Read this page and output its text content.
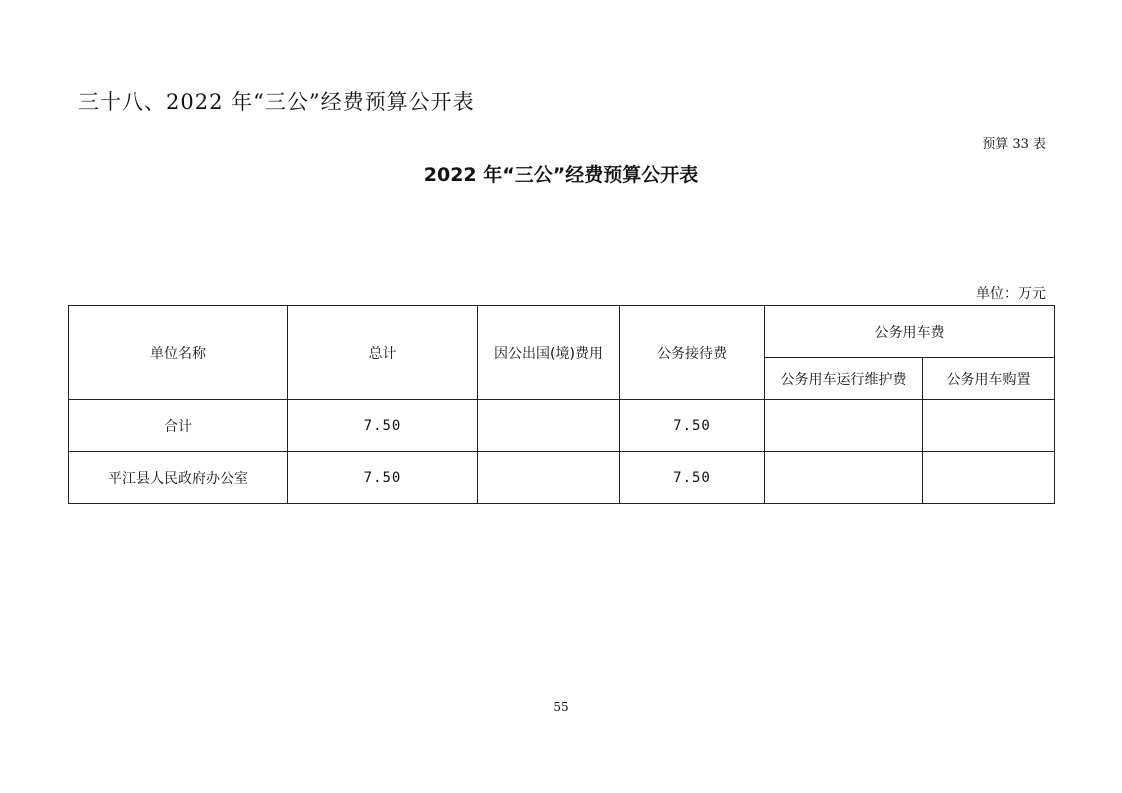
三十八、2022 年“三公”经费预算公开表
预算 33 表
2022 年“三公”经费预算公开表
单位：万元
单位名称	总计	因公出国(境)费用	公务接待费	公务用车费	
				公务用车运行维护费	公务用车购置
合计	7.50		7.50		
平江县人民政府办公室	7.50		7.50		
55
